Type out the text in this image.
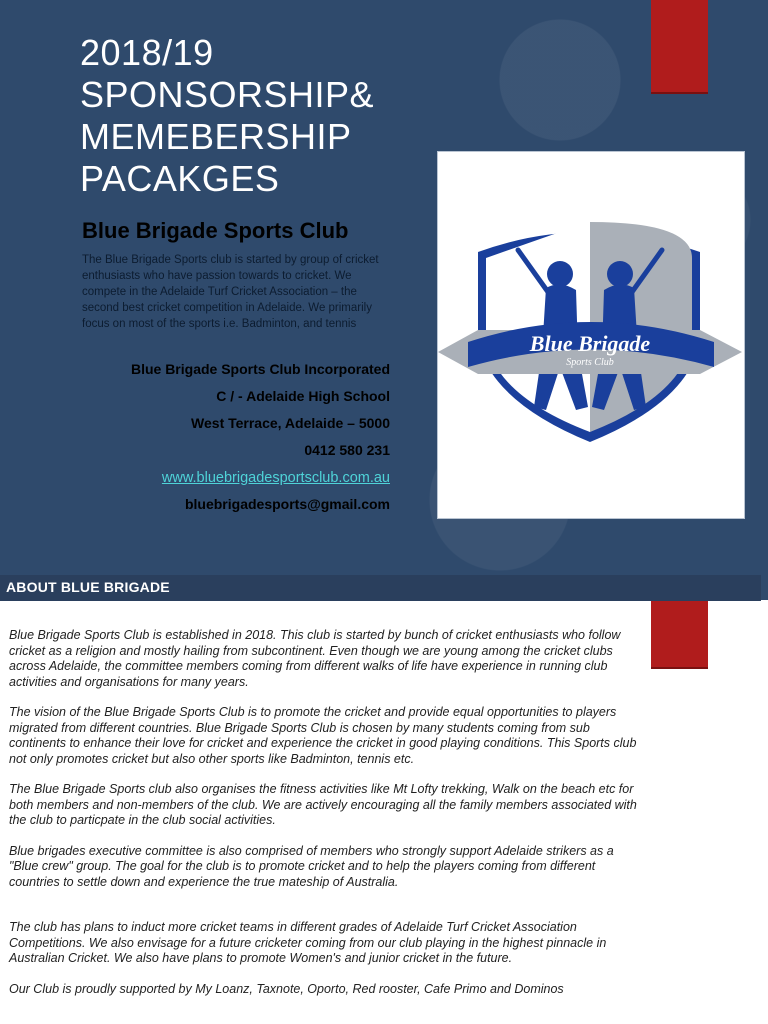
2018/19
SPONSORSHIP&
MEMEBERSHIP
PACAKGES
Blue Brigade Sports Club

The Blue Brigade Sports club is started by group of cricket enthusiasts who have passion towards to cricket. We compete in the Adelaide Turf Cricket Association – the second best cricket competition in Adelaide. We primarily focus on most of the sports i.e. Badminton, and tennis

Blue Brigade Sports Club Incorporated
C / - Adelaide High School
West Terrace, Adelaide – 5000
0412 580 231
www.bluebrigadesportsclub.com.au
bluebrigadesports@gmail.com
Blue Brigade
Sports Club
ABOUT BLUE BRIGADE

Blue Brigade Sports Club is established in 2018. This club is started by bunch of cricket enthusiasts who follow cricket as a religion and mostly hailing from subcontinent. Even though we are young among the cricket clubs across Adelaide, the committee members coming from different walks of life have experience in running club activities and organisations for many years.

The vision of the Blue Brigade Sports Club is to promote the cricket and provide equal opportunities to players migrated from different countries. Blue Brigade Sports Club is chosen by many students coming from sub continents to enhance their love for cricket and experience the cricket in good playing conditions. This Sports club not only promotes cricket but also other sports like Badminton, tennis etc.

The Blue Brigade Sports club also organises the fitness activities like Mt Lofty trekking, Walk on the beach etc for both members and non-members of the club. We are actively encouraging all the family members associated with the club to particpate in the club social activities.

Blue brigades executive committee is also comprised of members who strongly support Adelaide strikers as a "Blue crew" group. The goal for the club is to promote cricket and to help the players coming from different countries to settle down and experience the true mateship of Australia.

The club has plans to induct more cricket teams in different grades of Adelaide Turf Cricket Association Competitions. We also envisage for a future cricketer coming from our club playing in the highest pinnacle in Australian Cricket. We also have plans to promote Women's and junior cricket in the future.

Our Club is proudly supported by My Loanz, Taxnote, Oporto, Red rooster, Cafe Primo and Dominos
